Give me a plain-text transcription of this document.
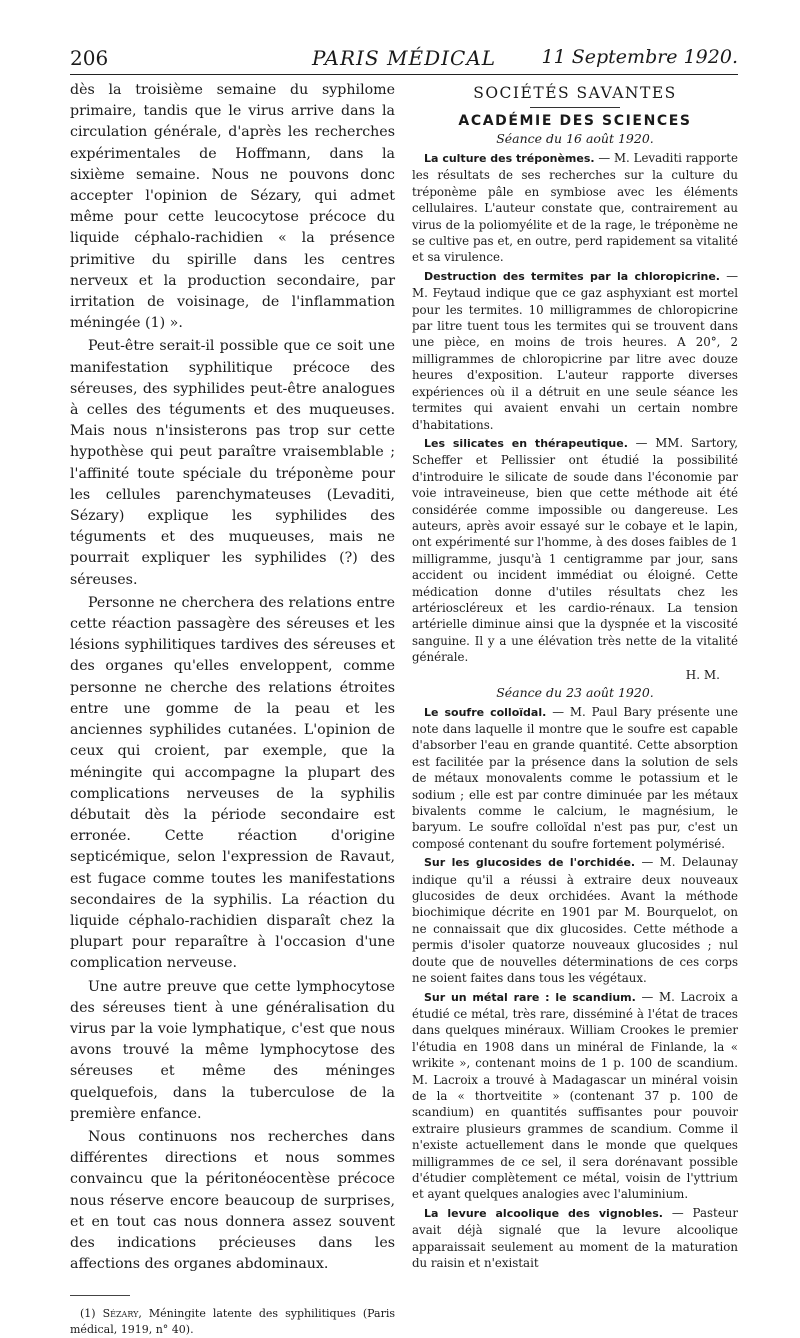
206	PARIS MÉDICAL	11 Septembre 1920.

dès la troisième semaine du syphilome primaire, tandis que le virus arrive dans la circulation générale, d'après les recherches expérimentales de Hoffmann, dans la sixième semaine. Nous ne pouvons donc accepter l'opinion de Sézary, qui admet même pour cette leucocytose précoce du liquide céphalo-rachidien « la présence primitive du spirille dans les centres nerveux et la production secondaire, par irritation de voisinage, de l'inflammation méningée (1) ».

Peut-être serait-il possible que ce soit une manifestation syphilitique précoce des séreuses, des syphilides peut-être analogues à celles des téguments et des muqueuses. Mais nous n'insisterons pas trop sur cette hypothèse qui peut paraître vraisemblable ; l'affinité toute spéciale du tréponème pour les cellules parenchymateuses (Levaditi, Sézary) explique les syphilides des téguments et des muqueuses, mais ne pourrait expliquer les syphilides (?) des séreuses.

Personne ne cherchera des relations entre cette réaction passagère des séreuses et les lésions syphilitiques tardives des séreuses et des organes qu'elles enveloppent, comme personne ne cherche des relations étroites entre une gomme de la peau et les anciennes syphilides cutanées. L'opinion de ceux qui croient, par exemple, que la méningite qui accompagne la plupart des complications nerveuses de la syphilis débutait dès la période secondaire est erronée. Cette réaction d'origine septicémique, selon l'expression de Ravaut, est fugace comme toutes les manifestations secondaires de la syphilis. La réaction du liquide céphalo-rachidien disparaît chez la plupart pour reparaître à l'occasion d'une complication nerveuse.

Une autre preuve que cette lymphocytose des séreuses tient à une généralisation du virus par la voie lymphatique, c'est que nous avons trouvé la même lymphocytose des séreuses et même des méninges quelquefois, dans la tuberculose de la première enfance.

Nous continuons nos recherches dans différentes directions et nous sommes convaincu que la péritonéocentèse précoce nous réserve encore beaucoup de surprises, et en tout cas nous donnera assez souvent des indications précieuses dans les affections des organes abdominaux.

(1) Sézary, Méningite latente des syphilitiques (Paris médical, 1919, n° 40).

SOCIÉTÉS SAVANTES
ACADÉMIE DES SCIENCES
Séance du 16 août 1920.

La culture des tréponèmes. — M. Levaditi rapporte les résultats de ses recherches sur la culture du tréponème pâle en symbiose avec les éléments cellulaires. L'auteur constate que, contrairement au virus de la poliomyélite et de la rage, le tréponème ne se cultive pas et, en outre, perd rapidement sa vitalité et sa virulence.

Destruction des termites par la chloropicrine. — M. Feytaud indique que ce gaz asphyxiant est mortel pour les termites. 10 milligrammes de chloropicrine par litre tuent tous les termites qui se trouvent dans une pièce, en moins de trois heures. A 20°, 2 milligrammes de chloropicrine par litre avec douze heures d'exposition. L'auteur rapporte diverses expériences où il a détruit en une seule séance les termites qui avaient envahi un certain nombre d'habitations.

Les silicates en thérapeutique. — MM. Sartory, Scheffer et Pellissier ont étudié la possibilité d'introduire le silicate de soude dans l'économie par voie intraveineuse, bien que cette méthode ait été considérée comme impossible ou dangereuse. Les auteurs, après avoir essayé sur le cobaye et le lapin, ont expérimenté sur l'homme, à des doses faibles de 1 milligramme, jusqu'à 1 centigramme par jour, sans accident ou incident immédiat ou éloigné. Cette médication donne d'utiles résultats chez les artérioscléreux et les cardio-rénaux. La tension artérielle diminue ainsi que la dyspnée et la viscosité sanguine. Il y a une élévation très nette de la vitalité générale.

H. M.
Séance du 23 août 1920.

Le soufre colloïdal. — M. Paul Bary présente une note dans laquelle il montre que le soufre est capable d'absorber l'eau en grande quantité. Cette absorption est facilitée par la présence dans la solution de sels de métaux monovalents comme le potassium et le sodium ; elle est par contre diminuée par les métaux bivalents comme le calcium, le magnésium, le baryum. Le soufre colloïdal n'est pas pur, c'est un composé contenant du soufre fortement polymérisé.

Sur les glucosides de l'orchidée. — M. Delaunay indique qu'il a réussi à extraire deux nouveaux glucosides de deux orchidées. Avant la méthode biochimique décrite en 1901 par M. Bourquelot, on ne connaissait que dix glucosides. Cette méthode a permis d'isoler quatorze nouveaux glucosides ; nul doute que de nouvelles déterminations de ces corps ne soient faites dans tous les végétaux.

Sur un métal rare : le scandium. — M. Lacroix a étudié ce métal, très rare, disséminé à l'état de traces dans quelques minéraux. William Crookes le premier l'étudia en 1908 dans un minéral de Finlande, la « wrikite », contenant moins de 1 p. 100 de scandium. M. Lacroix a trouvé à Madagascar un minéral voisin de la « thortveitite » (contenant 37 p. 100 de scandium) en quantités suffisantes pour pouvoir extraire plusieurs grammes de scandium. Comme il n'existe actuellement dans le monde que quelques milligrammes de ce sel, il sera dorénavant possible d'étudier complètement ce métal, voisin de l'yttrium et ayant quelques analogies avec l'aluminium.

La levure alcoolique des vignobles. — Pasteur avait déjà signalé que la levure alcoolique apparaissait seulement au moment de la maturation du raisin et n'existait
